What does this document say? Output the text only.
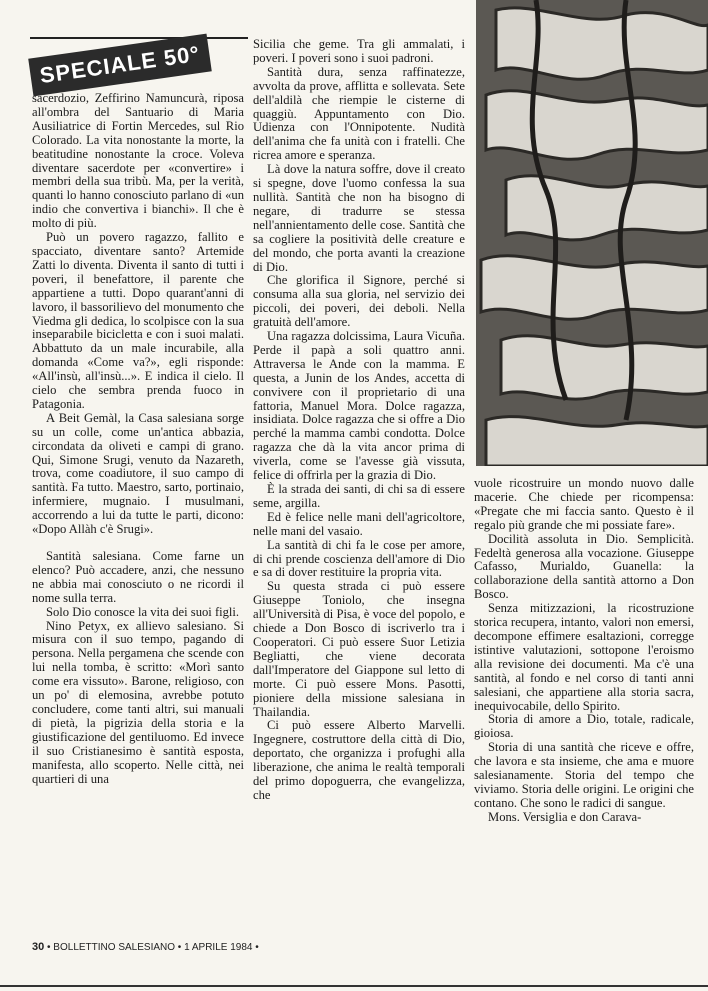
SPECIALE 50°

sacerdozio, Zeffirino Namuncurà, riposa all'ombra del Santuario di Maria Ausiliatrice di Fortin Mercedes, sul Rio Colorado. La vita nonostante la morte, la beatitudine nonostante la croce. Voleva diventare sacerdote per «convertire» i membri della sua tribù. Ma, per la verità, quanti lo hanno conosciuto parlano di «un indio che convertiva i bianchi». Il che è molto di più.

Può un povero ragazzo, fallito e spacciato, diventare santo? Artemide Zatti lo diventa. Diventa il santo di tutti i poveri, il benefattore, il parente che appartiene a tutti. Dopo quarant'anni di lavoro, il bassorilievo del monumento che Viedma gli dedica, lo scolpisce con la sua inseparabile bicicletta e con i suoi malati. Abbattuto da un male incurabile, alla domanda «Come va?», egli risponde: «All'insù, all'insù...». E indica il cielo. Il cielo che sembra prenda fuoco in Patagonia.

A Beit Gemàl, la Casa salesiana sorge su un colle, come un'antica abbazia, circondata da oliveti e campi di grano. Qui, Simone Srugi, venuto da Nazareth, trova, come coadiutore, il suo campo di santità. Fa tutto. Maestro, sarto, portinaio, infermiere, mugnaio. I musulmani, accorrendo a lui da tutte le parti, dicono: «Dopo Allàh c'è Srugi».

Santità salesiana. Come farne un elenco? Può accadere, anzi, che nessuno ne abbia mai conosciuto o ne ricordi il nome sulla terra.

Solo Dio conosce la vita dei suoi figli.

Nino Petyx, ex allievo salesiano. Si misura con il suo tempo, pagando di persona. Nella pergamena che scende con lui nella tomba, è scritto: «Morì santo come era vissuto». Barone, religioso, con un po' di elemosina, avrebbe potuto concludere, come tanti altri, sui manuali di pietà, la pigrizia della storia e la giustificazione del gentiluomo. Ed invece il suo Cristianesimo è santità esposta, manifesta, allo scoperto. Nelle città, nei quartieri di una

Sicilia che geme. Tra gli ammalati, i poveri. I poveri sono i suoi padroni.

Santità dura, senza raffinatezze, avvolta da prove, afflitta e sollevata. Sete dell'aldilà che riempie le cisterne di quaggiù. Appuntamento con Dio. Udienza con l'Onnipotente. Nudità dell'anima che fa unità con i fratelli. Che ricrea amore e speranza.

Là dove la natura soffre, dove il creato si spegne, dove l'uomo confessa la sua nullità. Santità che non ha bisogno di negare, di tradurre se stessa nell'annientamento delle cose. Santità che sa cogliere la positività delle creature e del mondo, che porta avanti la creazione di Dio.

Che glorifica il Signore, perché si consuma alla sua gloria, nel servizio dei piccoli, dei poveri, dei deboli. Nella gratuità dell'amore.

Una ragazza dolcissima, Laura Vicuña. Perde il papà a soli quattro anni. Attraversa le Ande con la mamma. E questa, a Junin de los Andes, accetta di convivere con il proprietario di una fattoria, Manuel Mora. Dolce ragazza, insidiata. Dolce ragazza che si offre a Dio perché la mamma cambi condotta. Dolce ragazza che dà la vita ancor prima di viverla, come se l'avesse già vissuta, felice di offrirla per la grazia di Dio.

È la strada dei santi, di chi sa di essere seme, argilla.

Ed è felice nelle mani dell'agricoltore, nelle mani del vasaio.

La santità di chi fa le cose per amore, di chi prende coscienza dell'amore di Dio e sa di dover restituire la propria vita.

Su questa strada ci può essere Giuseppe Toniolo, che insegna all'Università di Pisa, è voce del popolo, e chiede a Don Bosco di iscriverlo tra i Cooperatori. Ci può essere Suor Letizia Begliatti, che viene decorata dall'Imperatore del Giappone sul letto di morte. Ci può essere Mons. Pasotti, pioniere della missione salesiana in Thailandia.

Ci può essere Alberto Marvelli. Ingegnere, costruttore della città di Dio, deportato, che organizza i profughi alla liberazione, che anima le realtà temporali del primo dopoguerra, che evangelizza, che

vuole ricostruire un mondo nuovo dalle macerie. Che chiede per ricompensa: «Pregate che mi faccia santo. Questo è il regalo più grande che mi possiate fare».

Docilità assoluta in Dio. Semplicità. Fedeltà generosa alla vocazione. Giuseppe Cafasso, Murialdo, Guanella: la collaborazione della santità attorno a Don Bosco.

Senza mitizzazioni, la ricostruzione storica recupera, intanto, valori non emersi, decompone effimere esaltazioni, corregge istintive valutazioni, sottopone l'eroismo alla revisione dei documenti. Ma c'è una santità, al fondo e nel corso di tanti anni salesiani, che appartiene alla storia sacra, inequivocabile, dello Spirito.

Storia di amore a Dio, totale, radicale, gioiosa.

Storia di una santità che riceve e offre, che lavora e sta insieme, che ama e muore salesianamente. Storia del tempo che viviamo. Storia delle origini. Le origini che contano. Che sono le radici di sangue.

Mons. Versiglia e don Carava-

30 • BOLLETTINO SALESIANO • 1 APRILE 1984 •
